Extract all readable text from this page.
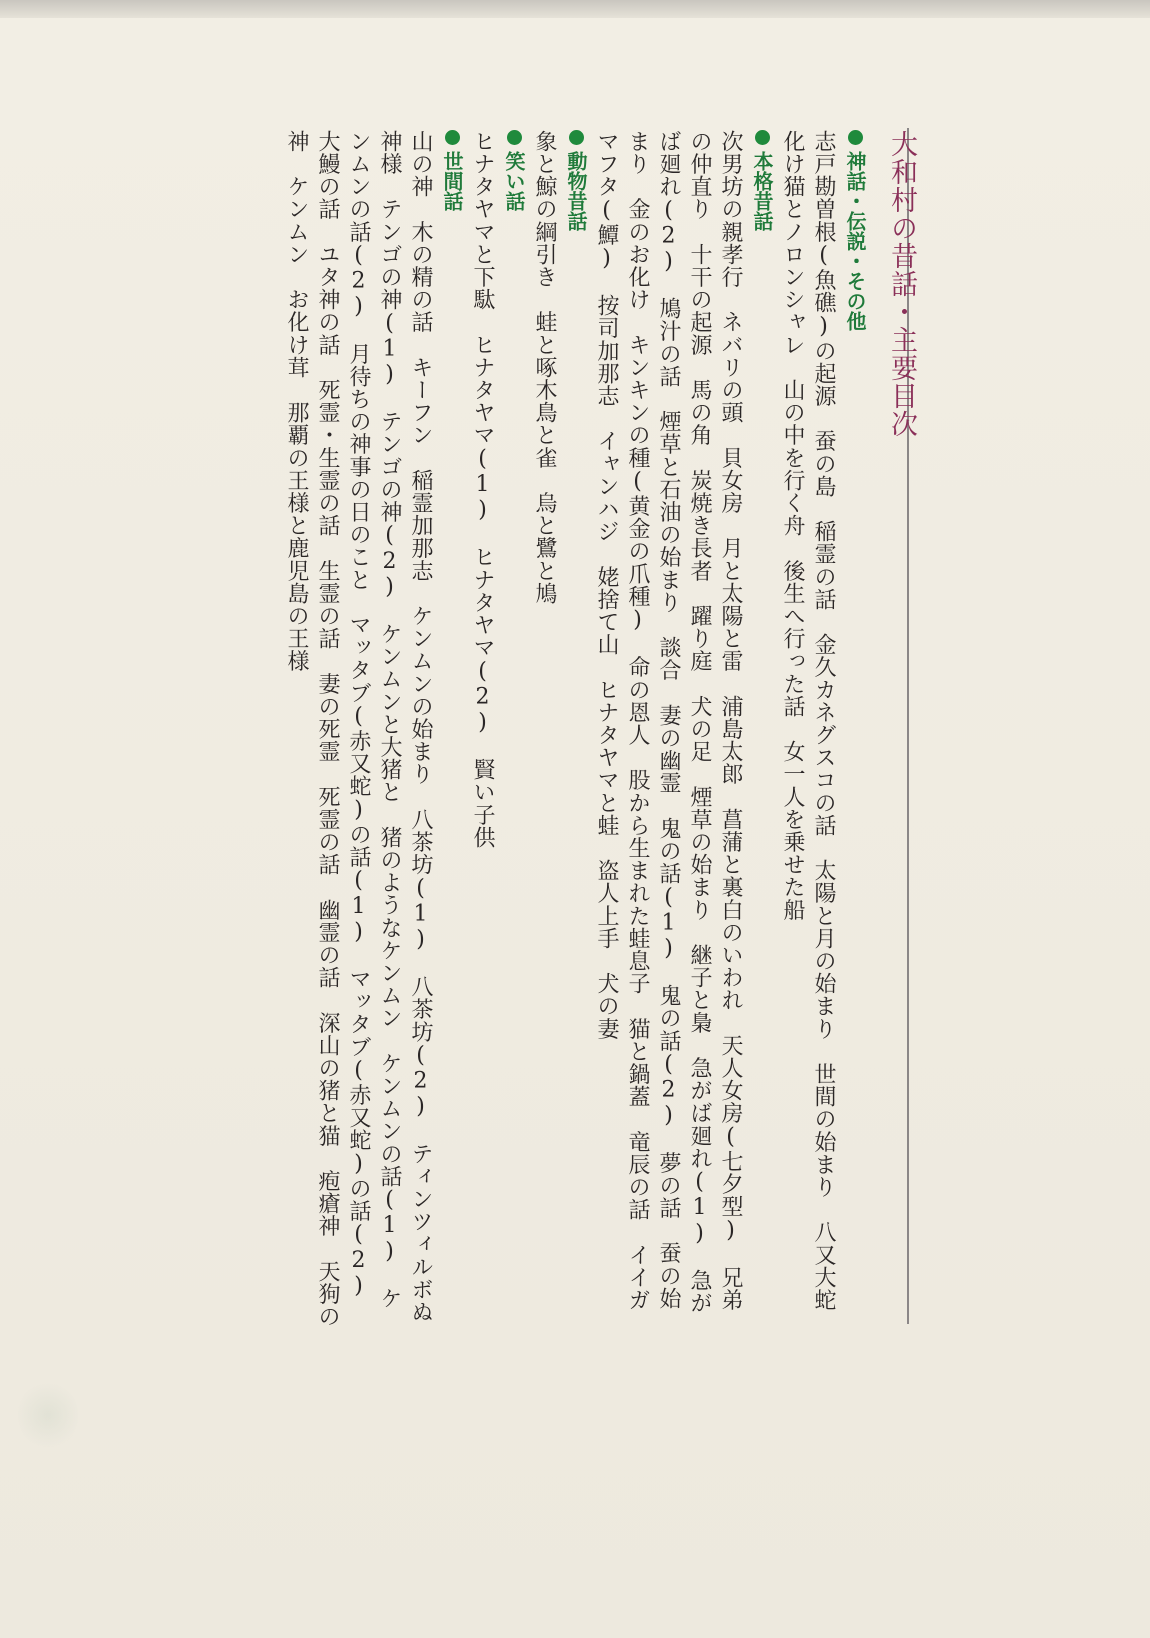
大和村の昔話・主要目次
神話・伝説・その他
志戸勘曽根(魚礁)の起源　蚕の島　稲霊の話　金久カネグスコの話　太陽と月の始まり　世間の始まり　八又大蛇　化け猫とノロンシャレ　山の中を行く舟　後生へ行った話　女一人を乗せた船
本格昔話
次男坊の親孝行　ネバリの頭　貝女房　月と太陽と雷　浦島太郎　菖蒲と裏白のいわれ　天人女房(七夕型)　兄弟の仲直り　十干の起源　馬の角　炭焼き長者　躍り庭　犬の足　煙草の始まり　継子と梟　急がば廻れ(1)　急がば廻れ(2)　鳩汁の話　煙草と石油の始まり　談合　妻の幽霊　鬼の話(1)　鬼の話(2)　夢の話　蚕の始まり　金のお化け　キンキンの種(黄金の爪種)　命の恩人　股から生まれた蛙息子　猫と鍋蓋　竜辰の話　イイガマフタ(鱏)　按司加那志　イャンハジ　姥捨て山　ヒナタヤマと蛙　盗人上手　犬の妻
動物昔話
象と鯨の綱引き　蛙と啄木鳥と雀　烏と鷺と鳩
笑い話
ヒナタヤマと下駄　ヒナタヤマ(1)　ヒナタヤマ(2)　賢い子供
世間話
山の神　木の精の話　キーフン　稲霊加那志　ケンムンの始まり　八茶坊(1)　八茶坊(2)　ティンツィルボぬ神様　テンゴの神(1)　テンゴの神(2)　ケンムンと大猪と　猪のようなケンムン　ケンムンの話(1)　ケンムンの話(2)　月待ちの神事の日のこと　マッタブ(赤又蛇)の話(1)　マッタブ(赤又蛇)の話(2)　大鰻の話　ユタ神の話　死霊・生霊の話　生霊の話　妻の死霊　死霊の話　幽霊の話　深山の猪と猫　疱瘡神　天狗の神　ケンムン　お化け茸　那覇の王様と鹿児島の王様
